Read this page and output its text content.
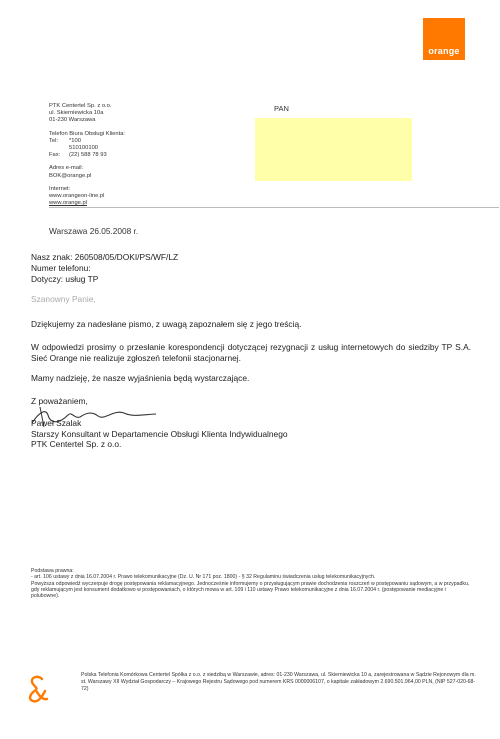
orange
PTK Centertel Sp. z o.o.
ul. Skierniewicka 10a
01-230 Warszawa
Telefon Biura Obsługi Klienta:
Tel:	*100
510100100
Fax:	(22) 588 78 93
Adres e-mail:
BOK@orange.pl
Internet:
www.orangeon-line.pl
www.orange.pl
PAN
Warszawa 26.05.2008 r.
Nasz znak: 260508/05/DOKI/PS/WF/LZ
Numer telefonu:
Dotyczy: usług TP
Szanowny Panie,
Dziękujemy za nadesłane pismo, z uwagą zapoznałem się z jego treścią.
W odpowiedzi prosimy o przesłanie korespondencji dotyczącej rezygnacji z usług internetowych do siedziby TP S.A. Sieć Orange nie realizuje zgłoszeń telefonii stacjonarnej.
Mamy nadzieję, że nasze wyjaśnienia będą wystarczające.
Z poważaniem,
Paweł Szalak
Starszy Konsultant w Departamencie Obsługi Klienta Indywidualnego
PTK Centertel Sp. z o.o.
Podstawa prawna:
- art. 106 ustawy z dnia 16.07.2004 r. Prawo telekomunikacyjne (Dz. U. Nr 171 poz. 1800) - § 32 Regulaminu świadczenia usług telekomunikacyjnych.
Powyższa odpowiedź wyczerpuje drogę postępowania reklamacyjnego. Jednocześnie informujemy o przysługującym prawie dochodzenia roszczeń w postępowaniu sądowym, a w przypadku, gdy reklamującym jest konsument dodatkowo w postępowaniach, o których mowa w art. 109 i 110 ustawy Prawo telekomunikacyjne z dnia 16.07.2004 r. (postępowanie mediacyjne i polubowne).
Polska Telefonia Komórkowa Centertel Spółka z o.o. z siedzibą w Warszawie, adres: 01-230 Warszawa, ul. Skierniewicka 10 a, zarejestrowana w Sądzie Rejonowym dla m. st. Warszawy XII Wydział Gospodarczy – Krajowego Rejestru Sądowego pod numerem KRS 0000006107, o kapitale zakładowym 2.690.501.964,00 PLN, (NIP 527-020-68-72)
